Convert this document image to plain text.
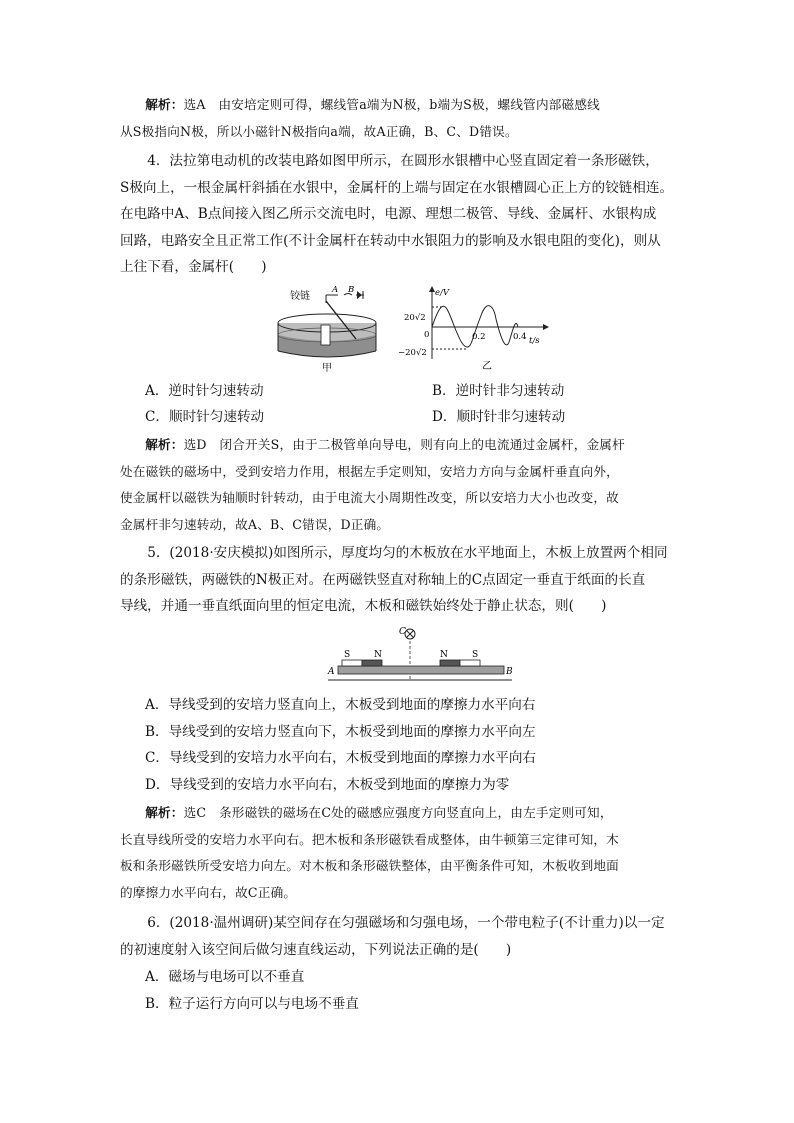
解析：选A　由安培定则可得，螺线管a端为N极，b端为S极，螺线管内部磁感线

从S极指向N极，所以小磁针N极指向a端，故A正确，B、C、D错误。

4．法拉第电动机的改装电路如图甲所示，在圆形水银槽中心竖直固定着一条形磁铁，

S极向上，一根金属杆斜插在水银中，金属杆的上端与固定在水银槽圆心正上方的铰链相连。

在电路中A、B点间接入图乙所示交流电时，电源、理想二极管、导线、金属杆、水银构成

回路，电路安全且正常工作(不计金属杆在转动中水银阻力的影响及水银电阻的变化)，则从

上往下看，金属杆(　　)

铰链
A B
甲
e/V
20√2
−20√2
0	0.2	0.4 t/s
乙
A．逆时针匀速转动	B．逆时针非匀速转动
C．顺时针匀速转动	D．顺时针非匀速转动

解析：选D　闭合开关S，由于二极管单向导电，则有向上的电流通过金属杆，金属杆

处在磁铁的磁场中，受到安培力作用，根据左手定则知，安培力方向与金属杆垂直向外，

使金属杆以磁铁为轴顺时针转动，由于电流大小周期性改变，所以安培力大小也改变，故

金属杆非匀速转动，故A、B、C错误，D正确。

5．(2018·安庆模拟)如图所示，厚度均匀的木板放在水平地面上，木板上放置两个相同

的条形磁铁，两磁铁的N极正对。在两磁铁竖直对称轴上的C点固定一垂直于纸面的长直

导线，并通一垂直纸面向里的恒定电流，木板和磁铁始终处于静止状态，则(　　)

C
S	N	N	S
A	B

A．导线受到的安培力竖直向上，木板受到地面的摩擦力水平向右

B．导线受到的安培力竖直向下，木板受到地面的摩擦力水平向左

C．导线受到的安培力水平向右，木板受到地面的摩擦力水平向右

D．导线受到的安培力水平向右，木板受到地面的摩擦力为零

解析：选C　条形磁铁的磁场在C处的磁感应强度方向竖直向上，由左手定则可知，

长直导线所受的安培力水平向右。把木板和条形磁铁看成整体，由牛顿第三定律可知，木

板和条形磁铁所受安培力向左。对木板和条形磁铁整体，由平衡条件可知，木板收到地面

的摩擦力水平向右，故C正确。

6．(2018·温州调研)某空间存在匀强磁场和匀强电场，一个带电粒子(不计重力)以一定

的初速度射入该空间后做匀速直线运动，下列说法正确的是(　　)

A．磁场与电场可以不垂直

B．粒子运行方向可以与电场不垂直
